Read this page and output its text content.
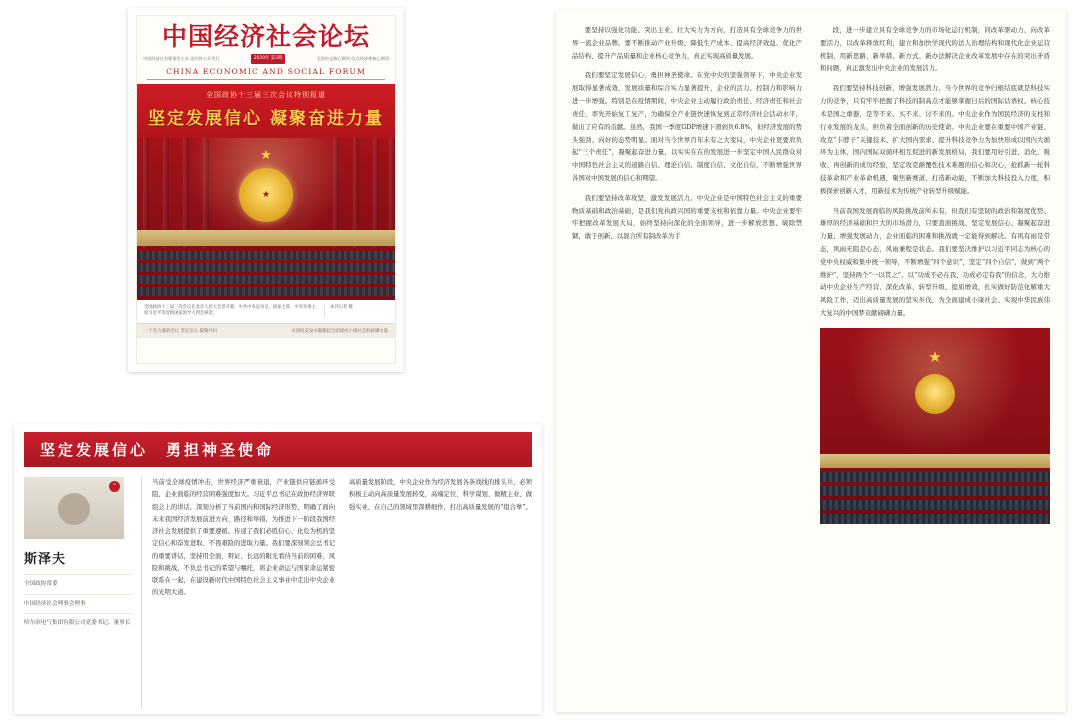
中国经济社会论坛
中国经济社会理事会主办 国内外公开发行	2020年 第3期	全国中文核心期刊 综合经济类核心期刊
CHINA ECONOMIC AND SOCIAL FORUM
全国政协十三届三次会议特别报道
坚定发展信心 凝聚奋进力量
★
★
全国政协十三届三次会议在北京人民大会堂开幕，中共中央总书记、国家主席、中央军委主席习近平等党和国家领导人到会祝贺。
本刊记者 摄
一个有力量的会议 坚定信心 凝聚共识	从团结奋发中凝聚起全面建成小康社会的磅礴力量
坚定发展信心　勇担神圣使命
”
斯泽夫
全国政协常委
中国经济社会理事会理事
哈尔滨电气集团有限公司党委书记、董事长

当前受全球疫情冲击，世界经济严重衰退，产业链供应链循环受阻，企业面临的经营困难强度加大。习近平总书记在政协经济界联组会上的讲话，深刻分析了当前国内和国际经济形势，明确了面向未来我国经济发展前进方向、路径和举措，为推进下一阶段我国经济社会发展提供了重要遵循。传递了我们必胜信心、化危为机的坚定信心和奋发进取、不畏艰险的进取力量。我们要深刻领会总书记的重要讲话，坚持用全面、辩证、长远的眼光看待当前的困难、风险和挑战，不负总书记的希望与嘱托，将企业命运与国家命运紧密联系在一起，在建设新时代中国特色社会主义事业中走出中央企业的光明大道。

高质量发展阶段，中央企业作为经济发展各条战线的排头兵，必须积极主动向高质量发展转变，高端定位、科学谋划、做精主业、做强实业，在自己的领域里深耕细作，打出高质量发展的“组合拳”。

要坚持以强化功能、突出主业、壮大实力为方向，打造具有全球竞争力的世界一流企业品牌。要不断推动产业升级、降低生产成本、提高经济效益、优化产品结构、提升产品质量和企业核心竞争力，真正实现高质量发展。

我们要坚定发展信心，勇担神圣使命。在党中央的坚强领导下，中央企业发展取得显著成效，发展质量和综合实力显著提升，企业的活力、控制力和影响力进一步增强。特别是在疫情期间，中央企业主动履行政治责任、经济责任和社会责任，率先开始复工复产，为确保全产业链快速恢复到正常经济社会活动水平，做出了应有的贡献。虽然，我国一季度GDP增速下滑到负6.8%，但经济发展的势头强劲、向好的态势明显。面对当今世界百年未有之大变局，中央企业更要肩负起“三个责任”，凝聚起奋进力量，以实实在在的发展进一步坚定中国人民群众对中国特色社会主义的道路自信、理论自信、制度自信、文化自信，不断增强世界各国对中国发展的信心和期望。

我们要坚持改革攻坚，激发发展活力。中央企业是中国特色社会主义的重要物质基础和政治基础，是我们党执政兴国的重要支柱和依靠力量。中央企业要牢牢把握改革发展大局，始终坚持向深化的全面领导，进一步解放思想、破除禁锢，敢于创新，以混合所有制改革为手

段，进一步建立具有全球竞争力的市场化运行机制，同改革驱动力、向改革要活力，以改革释放红利，建立和加快学现代的法人治理结构和现代化企业运营机制，用新思路、新举措、新方式、新办法解决企业改革发展中存在的突出矛盾和问题，真正激发出中央企业的发展活力。

我们要坚持科技创新，增强发展潜力。当今世界的竞争归根结底就是科技实力的竞争，只有牢牢把握了科技的制高点才能够掌握日后的国际话语权。核心技术是国之重器，是等不来、买不来、讨不来的。中央企业作为国民经济的支柱和行业发展的龙头，担负着全面创新的历史使命。中央企业要在重要中国产业链、攻克“卡脖子”关键技术、扩大国内需求、提升科技竞争力为加快形成以国内大循环为主体、国内国际双循环相互促进的新发展格局，我们要用好引进、消化、吸收、再创新的成功经验，坚定攻克颠覆性技术难题的信心和决心，抢抓新一轮科技革命和产业革命机遇，聚焦新赛道，打造新动能，不断加大科技投入力度，积极探索创新人才，用新技术为传统产业转型升级赋能。

当前我国发展面临的风险挑战前所未有，但我们有坚韧的政治和制度优势、雄厚的经济基础和巨大的市场潜力，只要直面挑战、坚定发展信心、凝聚起奋进力量、增强发展动力，企业面临的困难和挑战就一定能得到解决。有风有雨是常态，风雨无阻是心态，风雨兼程是状态。我们要坚决维护以习近平同志为核心的党中央权威和集中统一领导，不断增强“四个意识”，坚定“四个自信”，做到“两个维护”，坚持两个“一以贯之”，以“功成不必在我、功成必定有我”的信念，大力推动中央企业生产经营、深化改革、转型升级、提质增效，扎实做好防范化解重大风险工作，迈出高质量发展的坚实步伐，为全面建成小康社会、实现中华民族伟大复兴的中国梦贡献磅礴力量。

★
